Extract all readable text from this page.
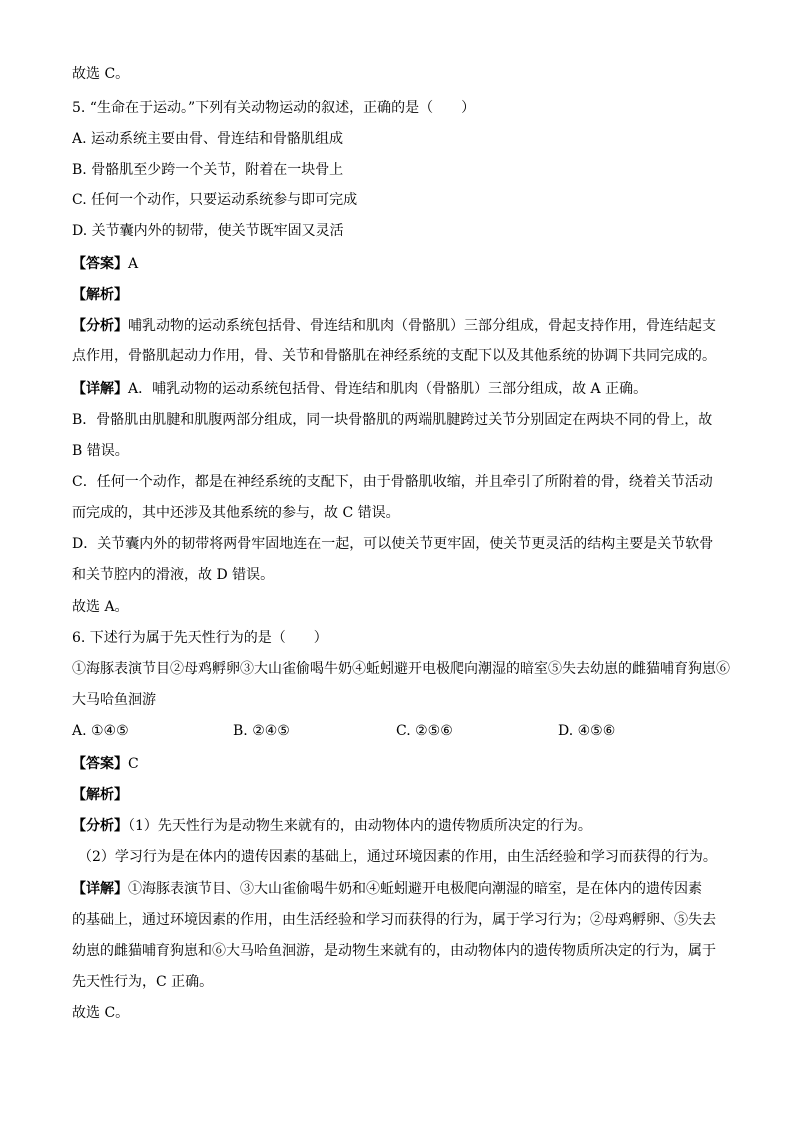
故选 C。
5. “生命在于运动。”下列有关动物运动的叙述，正确的是（　　）
A. 运动系统主要由骨、骨连结和骨骼肌组成
B. 骨骼肌至少跨一个关节，附着在一块骨上
C. 任何一个动作，只要运动系统参与即可完成
D. 关节囊内外的韧带，使关节既牢固又灵活
【答案】A
【解析】
【分析】哺乳动物的运动系统包括骨、骨连结和肌肉（骨骼肌）三部分组成，骨起支持作用，骨连结起支
点作用，骨骼肌起动力作用，骨、关节和骨骼肌在神经系统的支配下以及其他系统的协调下共同完成的。
【详解】A．哺乳动物的运动系统包括骨、骨连结和肌肉（骨骼肌）三部分组成，故 A 正确。
B．骨骼肌由肌腱和肌腹两部分组成，同一块骨骼肌的两端肌腱跨过关节分别固定在两块不同的骨上，故
B 错误。
C．任何一个动作，都是在神经系统的支配下，由于骨骼肌收缩，并且牵引了所附着的骨，绕着关节活动
而完成的，其中还涉及其他系统的参与，故 C 错误。
D．关节囊内外的韧带将两骨牢固地连在一起，可以使关节更牢固，使关节更灵活的结构主要是关节软骨
和关节腔内的滑液，故 D 错误。
故选 A。
6. 下述行为属于先天性行为的是（　　）
①海豚表演节目②母鸡孵卵③大山雀偷喝牛奶④蚯蚓避开电极爬向潮湿的暗室⑤失去幼崽的雌猫哺育狗崽⑥
大马哈鱼洄游
A. ①④⑤	B. ②④⑤	C. ②⑤⑥	D. ④⑤⑥
【答案】C
【解析】
【分析】（1）先天性行为是动物生来就有的，由动物体内的遗传物质所决定的行为。
（2）学习行为是在体内的遗传因素的基础上，通过环境因素的作用，由生活经验和学习而获得的行为。
【详解】①海豚表演节目、③大山雀偷喝牛奶和④蚯蚓避开电极爬向潮湿的暗室，是在体内的遗传因素
的基础上，通过环境因素的作用，由生活经验和学习而获得的行为，属于学习行为；②母鸡孵卵、⑤失去
幼崽的雌猫哺育狗崽和⑥大马哈鱼洄游，是动物生来就有的，由动物体内的遗传物质所决定的行为，属于
先天性行为，C 正确。
故选 C。
